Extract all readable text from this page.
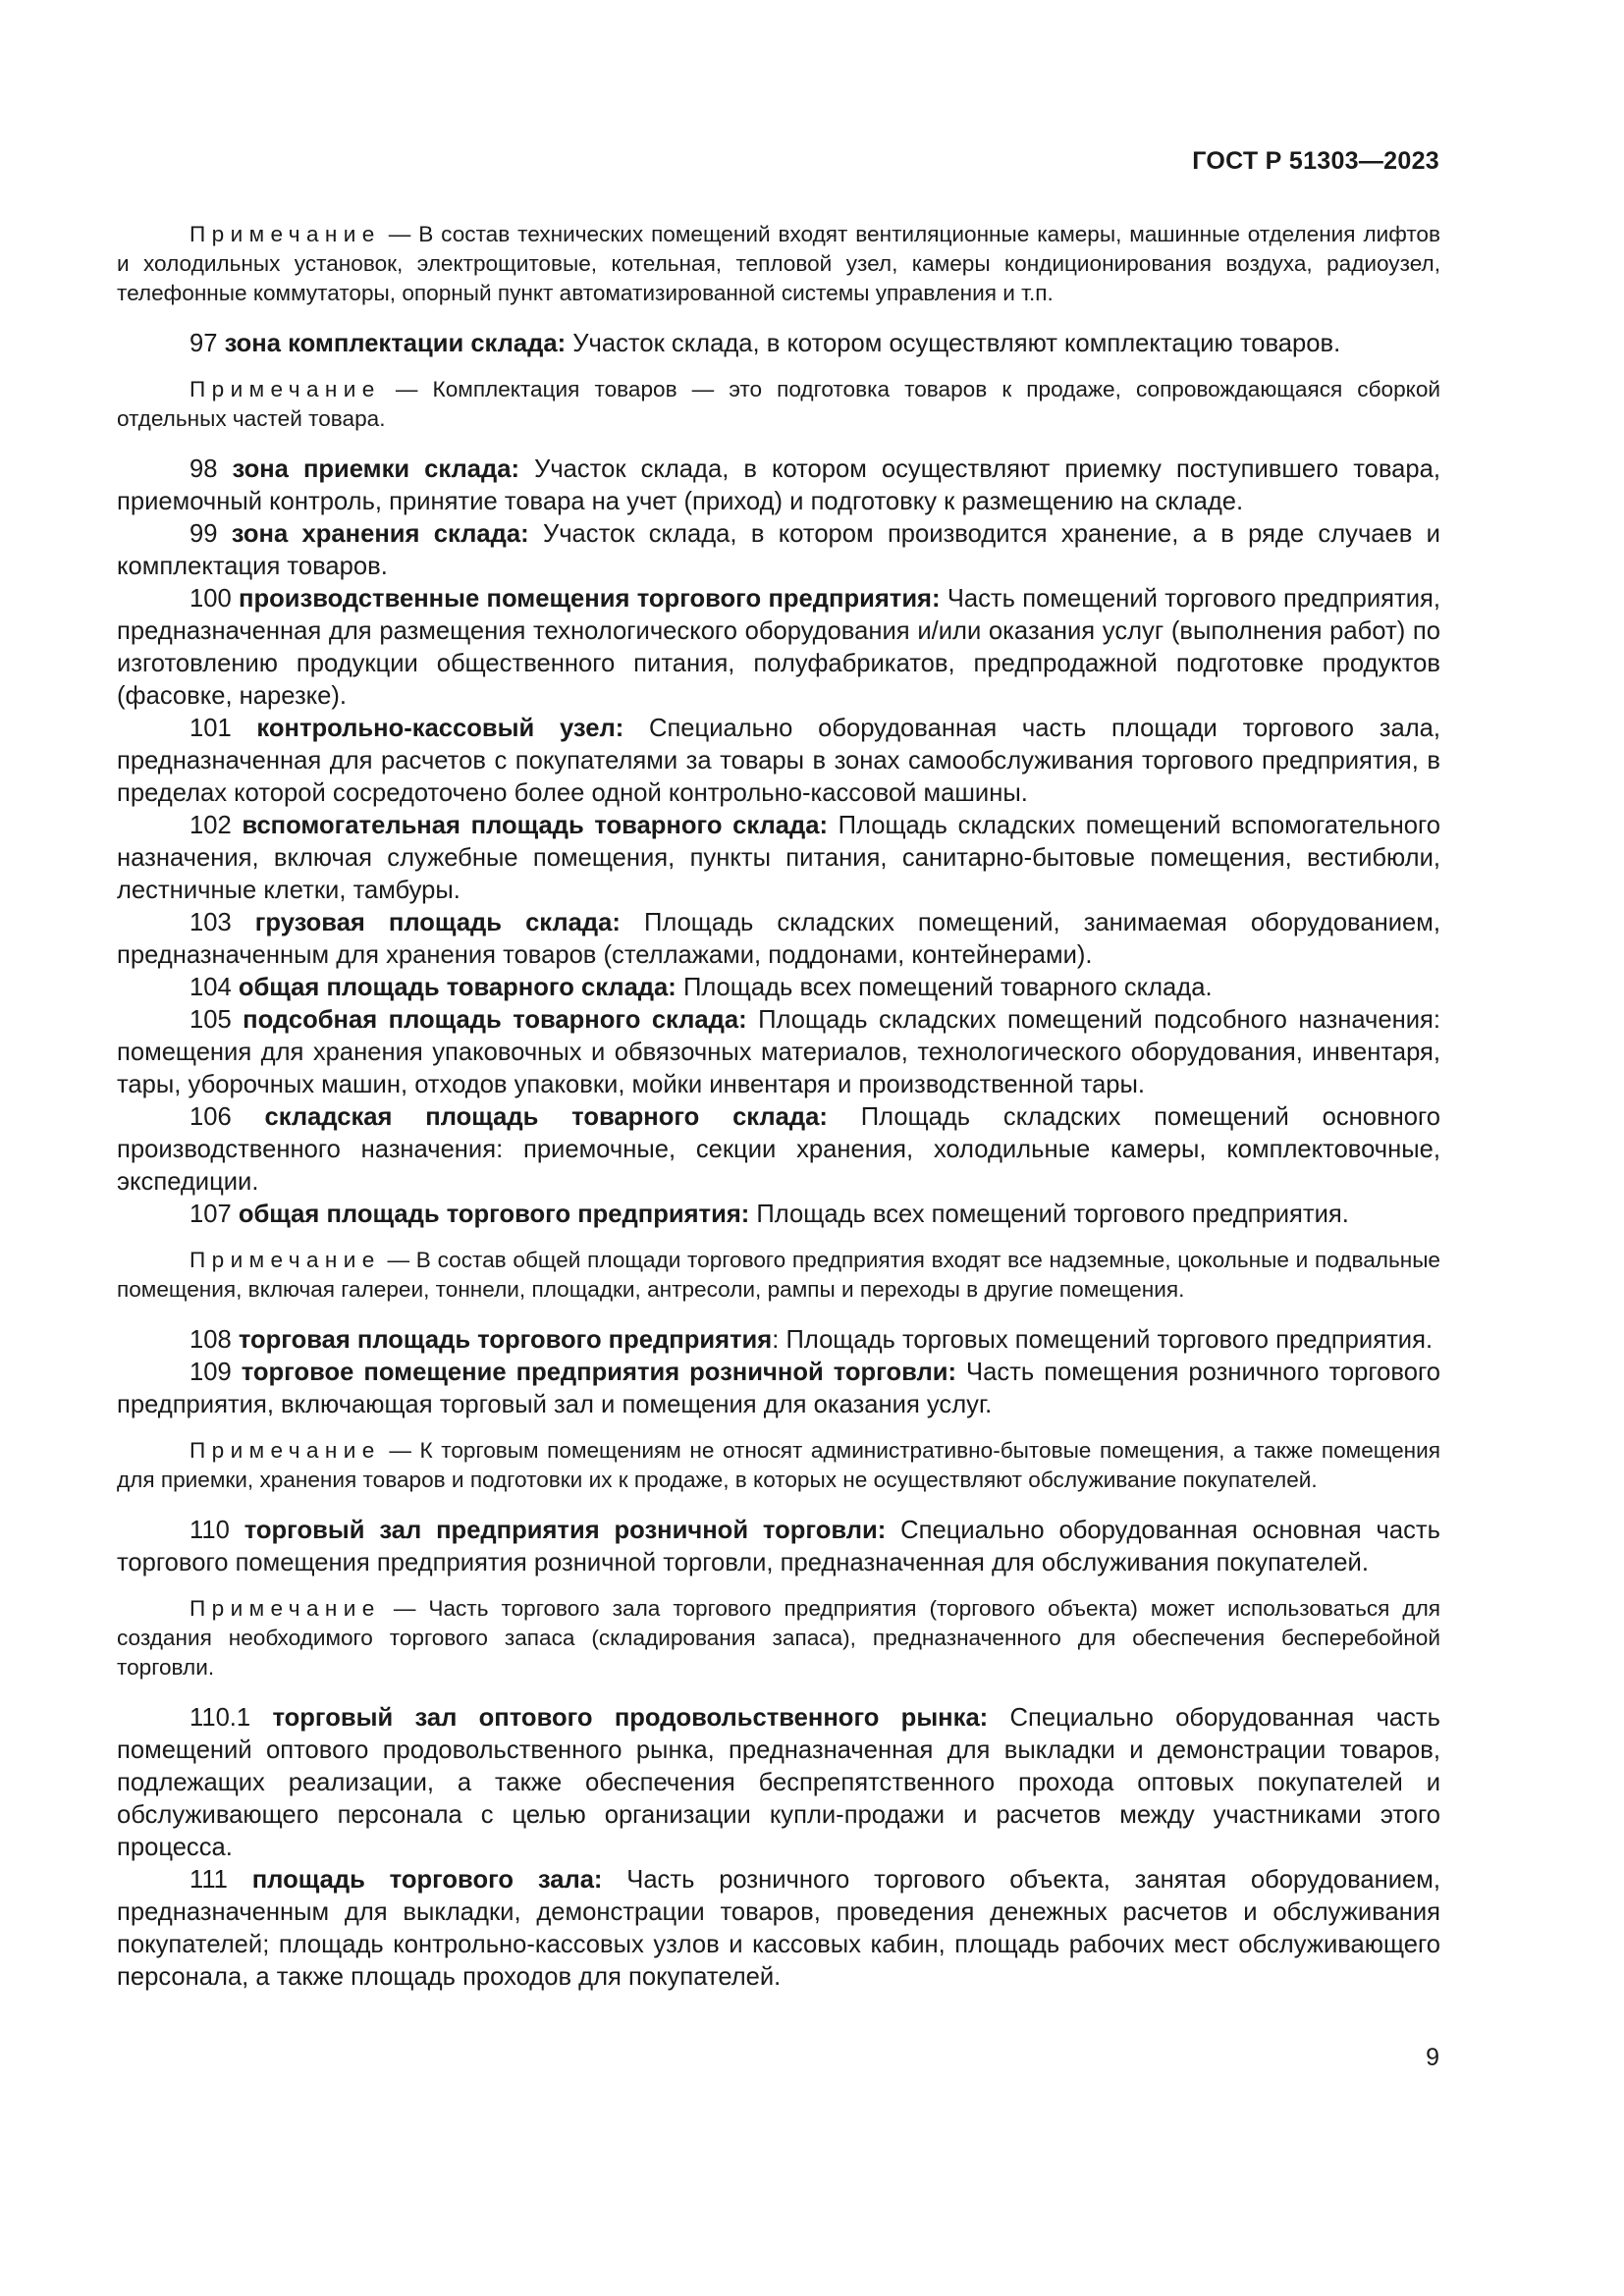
ГОСТ Р 51303—2023

Примечание — В состав технических помещений входят вентиляционные камеры, машинные отделения лифтов и холодильных установок, электрощитовые, котельная, тепловой узел, камеры кондиционирования воздуха, радиоузел, телефонные коммутаторы, опорный пункт автоматизированной системы управления и т.п.

97 зона комплектации склада: Участок склада, в котором осуществляют комплектацию товаров.

Примечание — Комплектация товаров — это подготовка товаров к продаже, сопровождающаяся сборкой отдельных частей товара.

98 зона приемки склада: Участок склада, в котором осуществляют приемку поступившего товара, приемочный контроль, принятие товара на учет (приход) и подготовку к размещению на складе.

99 зона хранения склада: Участок склада, в котором производится хранение, а в ряде случаев и комплектация товаров.

100 производственные помещения торгового предприятия: Часть помещений торгового предприятия, предназначенная для размещения технологического оборудования и/или оказания услуг (выполнения работ) по изготовлению продукции общественного питания, полуфабрикатов, предпродажной подготовке продуктов (фасовке, нарезке).

101 контрольно-кассовый узел: Специально оборудованная часть площади торгового зала, предназначенная для расчетов с покупателями за товары в зонах самообслуживания торгового предприятия, в пределах которой сосредоточено более одной контрольно-кассовой машины.

102 вспомогательная площадь товарного склада: Площадь складских помещений вспомогательного назначения, включая служебные помещения, пункты питания, санитарно-бытовые помещения, вестибюли, лестничные клетки, тамбуры.

103 грузовая площадь склада: Площадь складских помещений, занимаемая оборудованием, предназначенным для хранения товаров (стеллажами, поддонами, контейнерами).

104 общая площадь товарного склада: Площадь всех помещений товарного склада.

105 подсобная площадь товарного склада: Площадь складских помещений подсобного назначения: помещения для хранения упаковочных и обвязочных материалов, технологического оборудования, инвентаря, тары, уборочных машин, отходов упаковки, мойки инвентаря и производственной тары.

106 складская площадь товарного склада: Площадь складских помещений основного производственного назначения: приемочные, секции хранения, холодильные камеры, комплектовочные, экспедиции.

107 общая площадь торгового предприятия: Площадь всех помещений торгового предприятия.

Примечание — В состав общей площади торгового предприятия входят все надземные, цокольные и подвальные помещения, включая галереи, тоннели, площадки, антресоли, рампы и переходы в другие помещения.

108 торговая площадь торгового предприятия: Площадь торговых помещений торгового предприятия.

109 торговое помещение предприятия розничной торговли: Часть помещения розничного торгового предприятия, включающая торговый зал и помещения для оказания услуг.

Примечание — К торговым помещениям не относят административно-бытовые помещения, а также помещения для приемки, хранения товаров и подготовки их к продаже, в которых не осуществляют обслуживание покупателей.

110 торговый зал предприятия розничной торговли: Специально оборудованная основная часть торгового помещения предприятия розничной торговли, предназначенная для обслуживания покупателей.

Примечание — Часть торгового зала торгового предприятия (торгового объекта) может использоваться для создания необходимого торгового запаса (складирования запаса), предназначенного для обеспечения бесперебойной торговли.

110.1 торговый зал оптового продовольственного рынка: Специально оборудованная часть помещений оптового продовольственного рынка, предназначенная для выкладки и демонстрации товаров, подлежащих реализации, а также обеспечения беспрепятственного прохода оптовых покупателей и обслуживающего персонала с целью организации купли-продажи и расчетов между участниками этого процесса.

111 площадь торгового зала: Часть розничного торгового объекта, занятая оборудованием, предназначенным для выкладки, демонстрации товаров, проведения денежных расчетов и обслуживания покупателей; площадь контрольно-кассовых узлов и кассовых кабин, площадь рабочих мест обслуживающего персонала, а также площадь проходов для покупателей.

9
